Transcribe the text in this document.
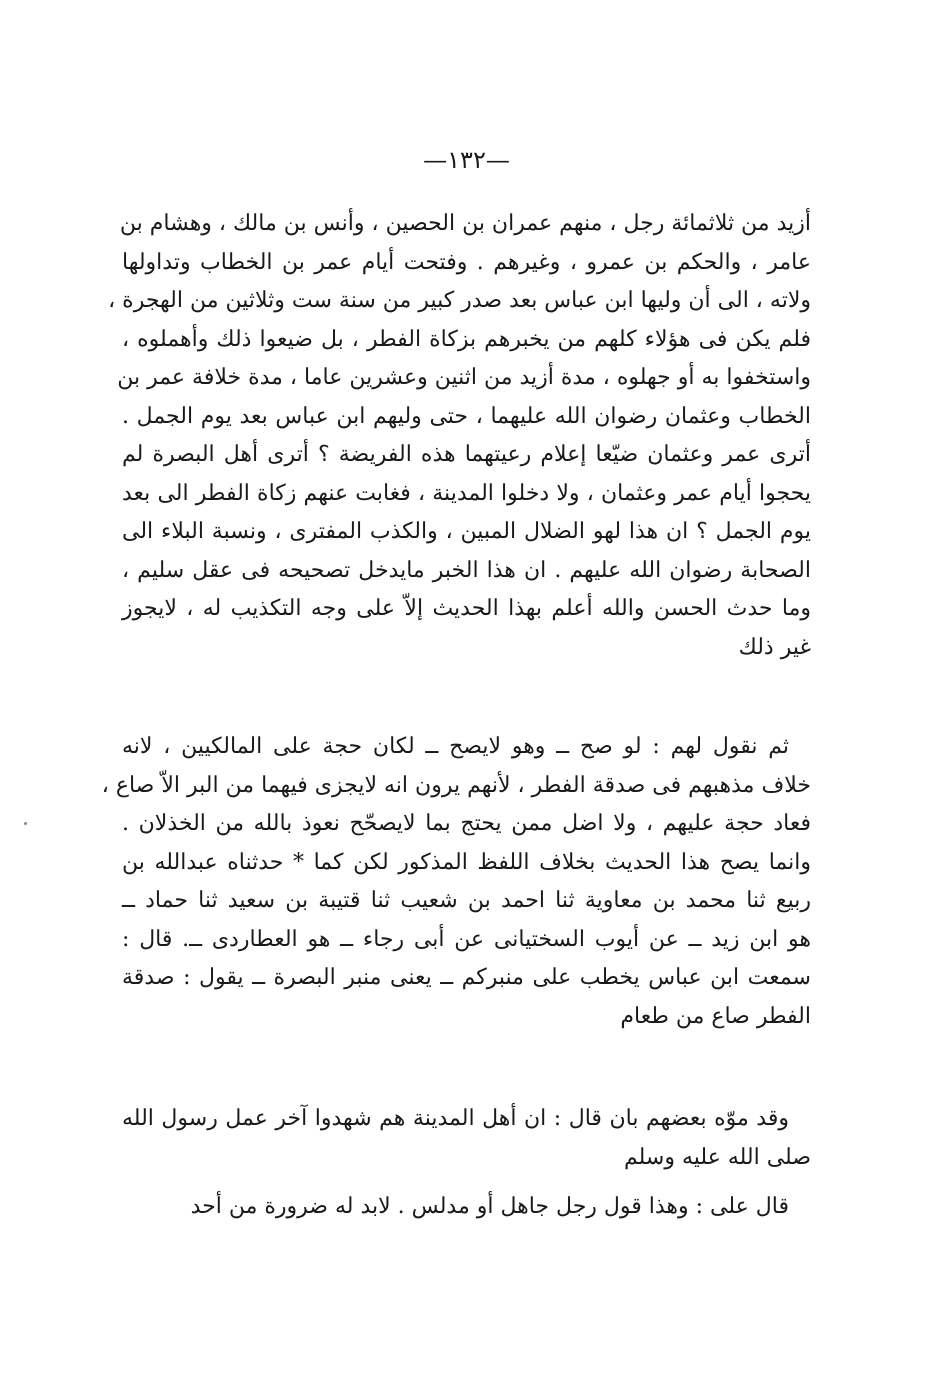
—١٣٢—
أزيد من ثلاثمائة رجل ، منهم عمران بن الحصين ، وأنس بن مالك ، وهشام بن
عامر ، والحكم بن عمرو ، وغيرهم . وفتحت أيام عمر بن الخطاب وتداولها
ولاته ، الى أن وليها ابن عباس بعد صدر كبير من سنة ست وثلاثين من الهجرة ،
فلم يكن فى هؤلاء كلهم من يخبرهم بزكاة الفطر ، بل ضيعوا ذلك وأهملوه ،
واستخفوا به أو جهلوه ، مدة أزيد من اثنين وعشرين عاما ، مدة خلافة عمر بن
الخطاب وعثمان رضوان الله عليهما ، حتى وليهم ابن عباس بعد يوم الجمل .
أترى عمر وعثمان ضيّعا إعلام رعيتهما هذه الفريضة ؟ أترى أهل البصرة لم
يحجوا أيام عمر وعثمان ، ولا دخلوا المدينة ، فغابت عنهم زكاة الفطر الى بعد
يوم الجمل ؟ ان هذا لهو الضلال المبين ، والكذب المفترى ، ونسبة البلاء الى
الصحابة رضوان الله عليهم . ان هذا الخبر مايدخل تصحيحه فى عقل سليم ،
وما حدث الحسن والله أعلم بهذا الحديث إلاّ على وجه التكذيب له ، لايجوز
غير ذلك
ثم نقول لهم : لو صح ــ وهو لايصح ــ لكان حجة على المالكيين ، لانه
خلاف مذهبهم فى صدقة الفطر ، لأنهم يرون انه لايجزى فيهما من البر الاّ صاع ،
فعاد حجة عليهم ، ولا اضل ممن يحتج بما لايصحّح نعوذ بالله من الخذلان .
وانما يصح هذا الحديث بخلاف اللفظ المذكور لكن كما * حدثناه عبدالله بن
ربيع ثنا محمد بن معاوية ثنا احمد بن شعيب ثنا قتيبة بن سعيد ثنا حماد ــ
هو ابن زيد ــ عن أيوب السختيانى عن أبى رجاء ــ هو العطاردى ــ. قال :
سمعت ابن عباس يخطب على منبركم ــ يعنى منبر البصرة ــ يقول : صدقة
الفطر صاع من طعام
وقد موّه بعضهم بان قال : ان أهل المدينة هم شهدوا آخر عمل رسول الله
صلى الله عليه وسلم
قال على : وهذا قول رجل جاهل أو مدلس . لابد له ضرورة من أحد
